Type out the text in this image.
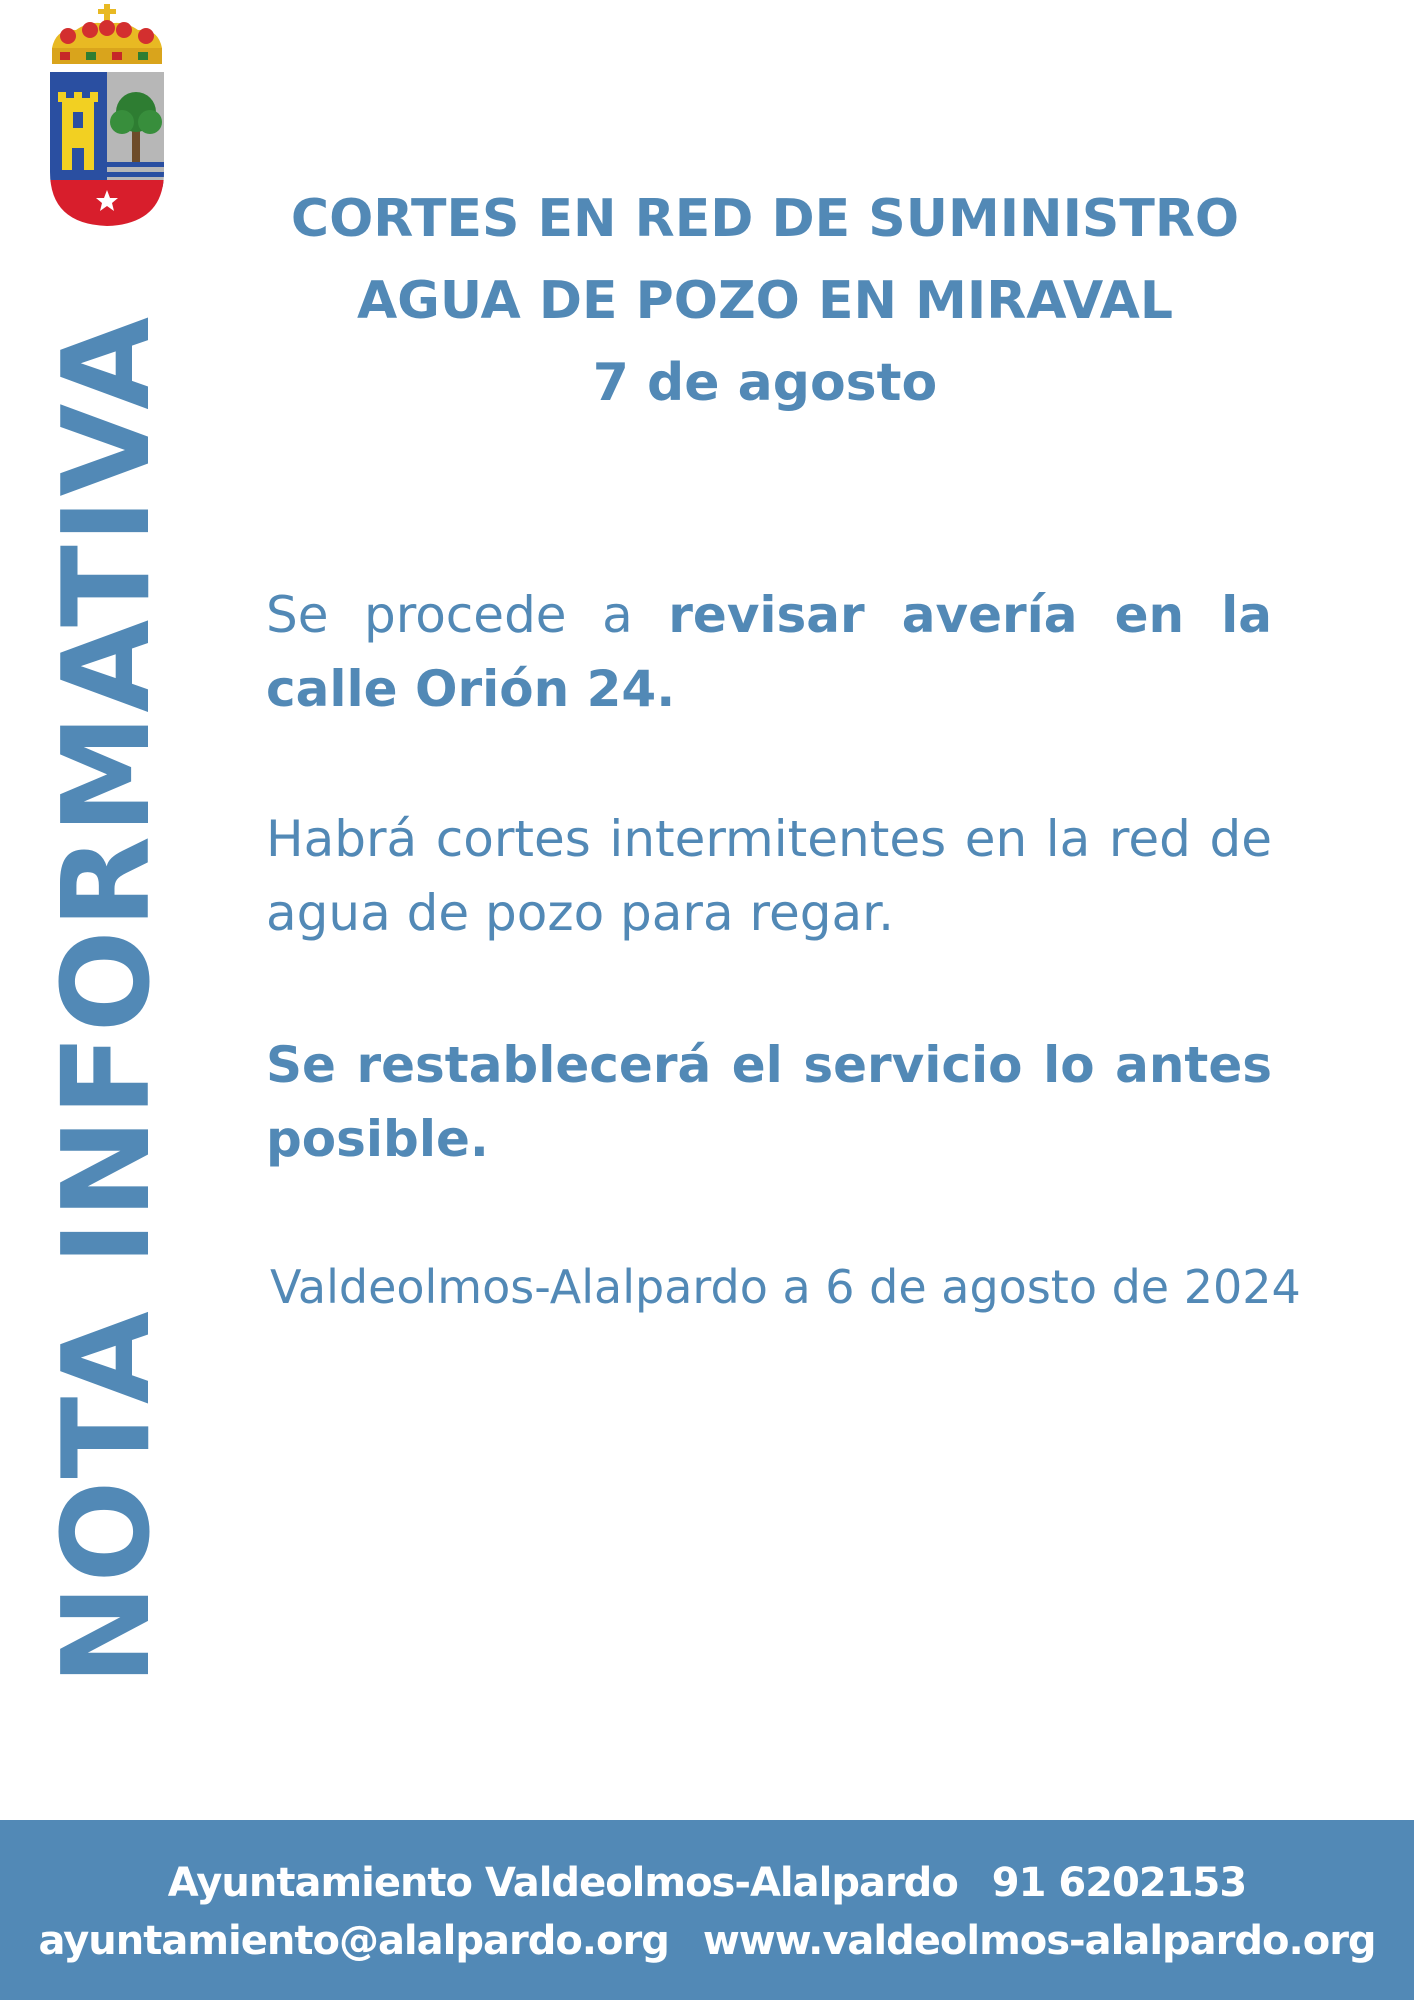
NOTA INFORMATIVA
CORTES EN RED DE SUMINISTRO
AGUA DE POZO EN MIRAVAL
7 de agosto
Se procede a revisar avería en la calle Orión 24.
Habrá cortes intermitentes en la red de agua de pozo para regar.
Se restablecerá el servicio lo antes posible.
Valdeolmos-Alalpardo a 6 de agosto de 2024
Ayuntamiento Valdeolmos-Alalpardo 91 6202153
ayuntamiento@alalpardo.org www.valdeolmos-alalpardo.org
